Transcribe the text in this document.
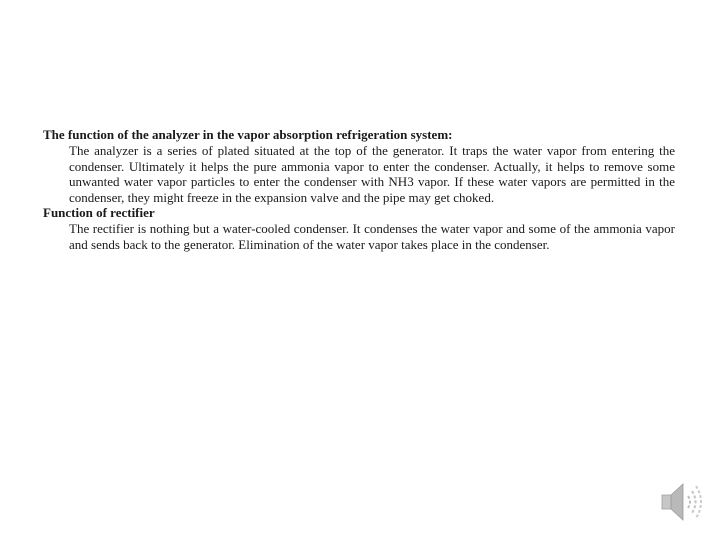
The function of the analyzer in the vapor absorption refrigeration system:

The analyzer is a series of plated situated at the top of the generator. It traps the water vapor from entering the condenser. Ultimately it helps the pure ammonia vapor to enter the condenser. Actually, it helps to remove some unwanted water vapor particles to enter the condenser with NH3 vapor. If these water vapors are permitted in the condenser, they might freeze in the expansion valve and the pipe may get choked.

Function of rectifier

The rectifier is nothing but a water-cooled condenser. It condenses the water vapor and some of the ammonia vapor and sends back to the generator. Elimination of the water vapor takes place in the condenser.
